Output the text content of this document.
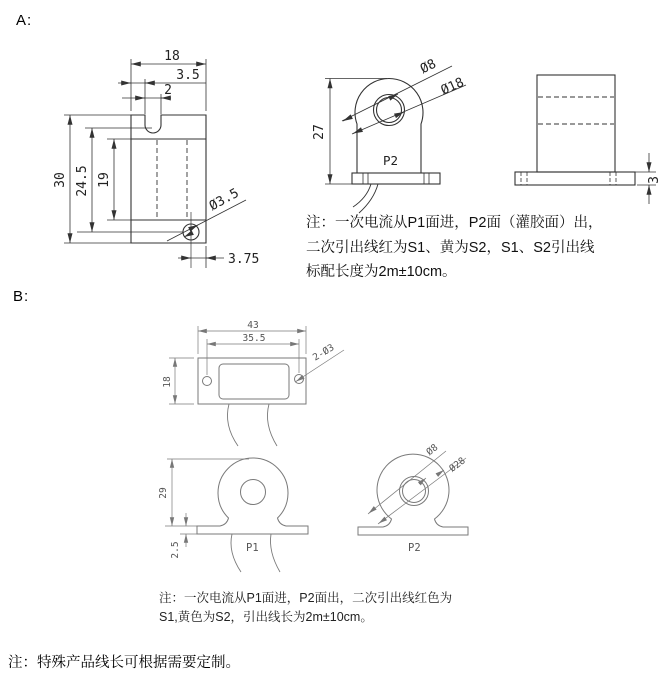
A:
B:
18
3.5
2
30 24.5 19
Ø3.5
3.75
27
Ø8
Ø18
P2
3
43
35.5
18
2-Ø3
29
2.5	P1
Ø8
Ø28
P2
注：一次电流从P1面进，P2面（灌胶面）出，
二次引出线红为S1、黄为S2，S1、S2引出线
标配长度为2m±10cm。
注：一次电流从P1面进，P2面出，二次引出线红色为
S1,黄色为S2，引出线长为2m±10cm。
注：特殊产品线长可根据需要定制。
